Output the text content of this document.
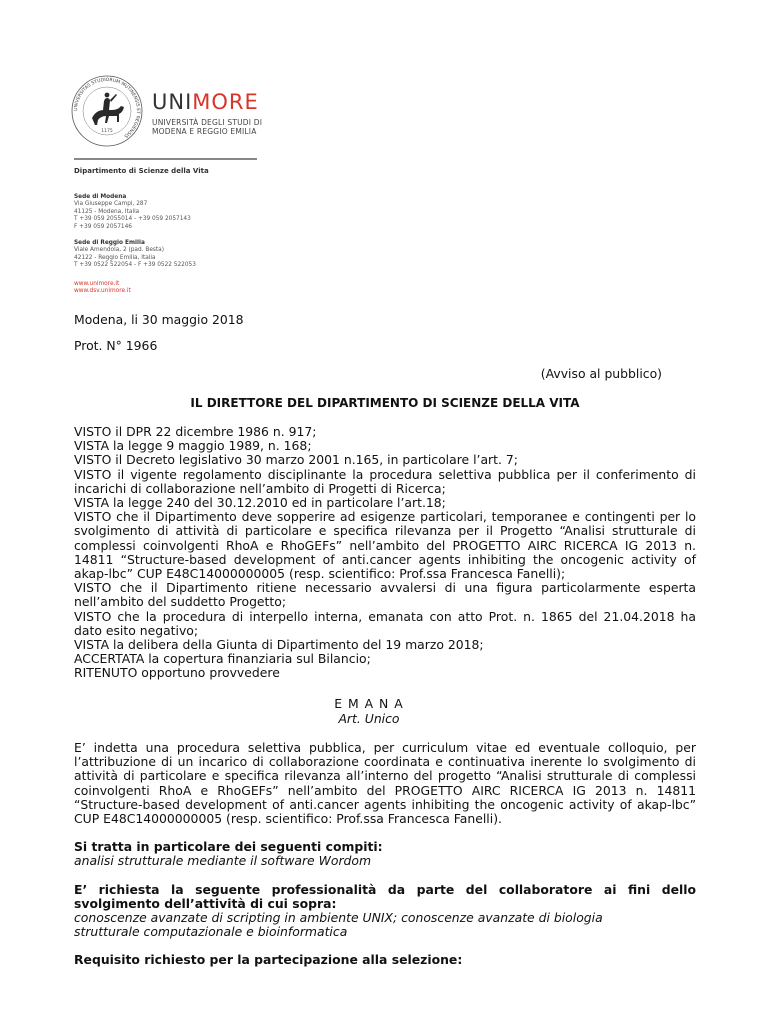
UNIVERSITAS STUDIORUM MUTINENSIS ET REGIENSIS
1175
UNIMORE
UNIVERSITÀ DEGLI STUDI DI
MODENA E REGGIO EMILIA
Dipartimento di Scienze della Vita
Sede di Modena
Via Giuseppe Campi, 287
41125 - Modena, Italia
T +39 059 2055014 - +39 059 2057143
F +39 059 2057146
Sede di Reggio Emilia
Viale Amendola, 2 (pad. Besta)
42122 - Reggio Emilia, Italia
T +39 0522 522054 - F +39 0522 522053
www.unimore.it
www.dsv.unimore.it
Modena, li 30 maggio 2018
Prot. N° 1966
(Avviso al pubblico)
IL DIRETTORE DEL DIPARTIMENTO DI SCIENZE DELLA VITA
VISTO il DPR 22 dicembre 1986 n. 917;
VISTA la legge 9 maggio 1989, n. 168;
VISTO il Decreto legislativo 30 marzo 2001 n.165, in particolare l’art. 7;
VISTO il vigente regolamento disciplinante la procedura selettiva pubblica per il conferimento di incarichi di collaborazione nell’ambito di Progetti di Ricerca;
VISTA la legge 240 del 30.12.2010 ed in particolare l’art.18;
VISTO che il Dipartimento deve sopperire ad esigenze particolari, temporanee e contingenti per lo svolgimento di attività di particolare e specifica rilevanza per il Progetto “Analisi strutturale di complessi coinvolgenti RhoA e RhoGEFs” nell’ambito del PROGETTO AIRC RICERCA IG 2013 n. 14811 “Structure-based development of anti.cancer agents inhibiting the oncogenic activity of akap-lbc” CUP E48C14000000005 (resp. scientifico: Prof.ssa Francesca Fanelli);
VISTO che il Dipartimento ritiene necessario avvalersi di una figura particolarmente esperta nell’ambito del suddetto Progetto;
VISTO che la procedura di interpello interna, emanata con atto Prot. n. 1865 del 21.04.2018 ha dato esito negativo;
VISTA la delibera della Giunta di Dipartimento del 19 marzo 2018;
ACCERTATA la copertura finanziaria sul Bilancio;
RITENUTO opportuno provvedere
E M A N A
Art. Unico
E’ indetta una procedura selettiva pubblica, per curriculum vitae ed eventuale colloquio, per l’attribuzione di un incarico di collaborazione coordinata e continuativa inerente lo svolgimento di attività di particolare e specifica rilevanza all’interno del progetto “Analisi strutturale di complessi coinvolgenti RhoA e RhoGEFs” nell’ambito del PROGETTO AIRC RICERCA IG 2013 n. 14811 “Structure-based development of anti.cancer agents inhibiting the oncogenic activity of akap-lbc” CUP E48C14000000005 (resp. scientifico: Prof.ssa Francesca Fanelli).
Si tratta in particolare dei seguenti compiti:
analisi strutturale mediante il software Wordom
E’ richiesta la seguente professionalità da parte del collaboratore ai fini dello svolgimento dell’attività di cui sopra:
conoscenze avanzate di scripting in ambiente UNIX; conoscenze avanzate di biologia strutturale computazionale e bioinformatica
Requisito richiesto per la partecipazione alla selezione:
